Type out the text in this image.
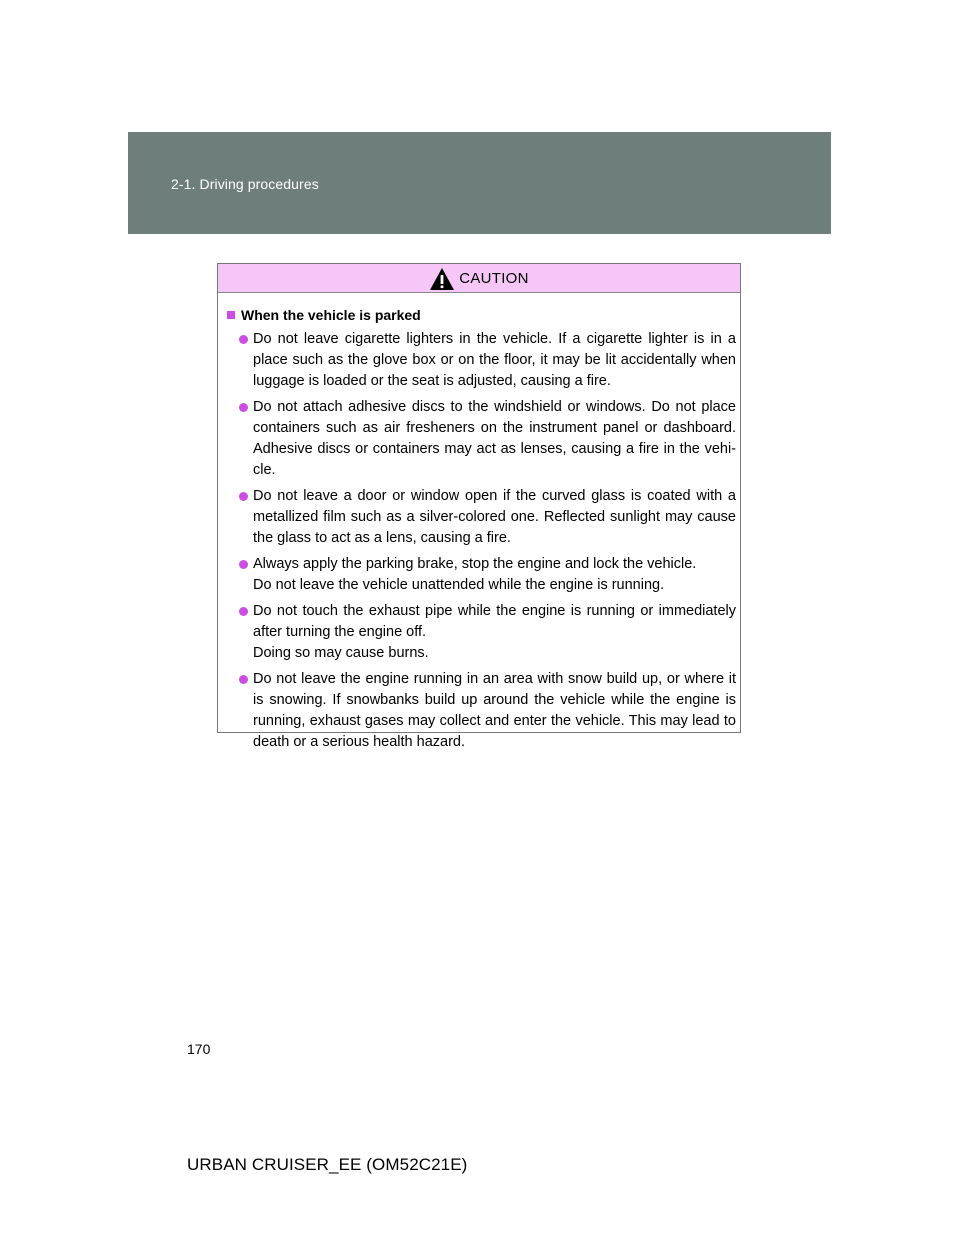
2-1. Driving procedures
CAUTION
When the vehicle is parked
Do not leave cigarette lighters in the vehicle. If a cigarette lighter is in a place such as the glove box or on the floor, it may be lit accidentally when luggage is loaded or the seat is adjusted, causing a fire.
Do not attach adhesive discs to the windshield or windows. Do not place containers such as air fresheners on the instrument panel or dashboard. Adhesive discs or containers may act as lenses, causing a fire in the vehi-cle.
Do not leave a door or window open if the curved glass is coated with a metallized film such as a silver-colored one. Reflected sunlight may cause the glass to act as a lens, causing a fire.
Always apply the parking brake, stop the engine and lock the vehicle.
Do not leave the vehicle unattended while the engine is running.
Do not touch the exhaust pipe while the engine is running or immediately after turning the engine off.
Doing so may cause burns.
Do not leave the engine running in an area with snow build up, or where it is snowing. If snowbanks build up around the vehicle while the engine is running, exhaust gases may collect and enter the vehicle. This may lead to death or a serious health hazard.
170
URBAN CRUISER_EE (OM52C21E)
